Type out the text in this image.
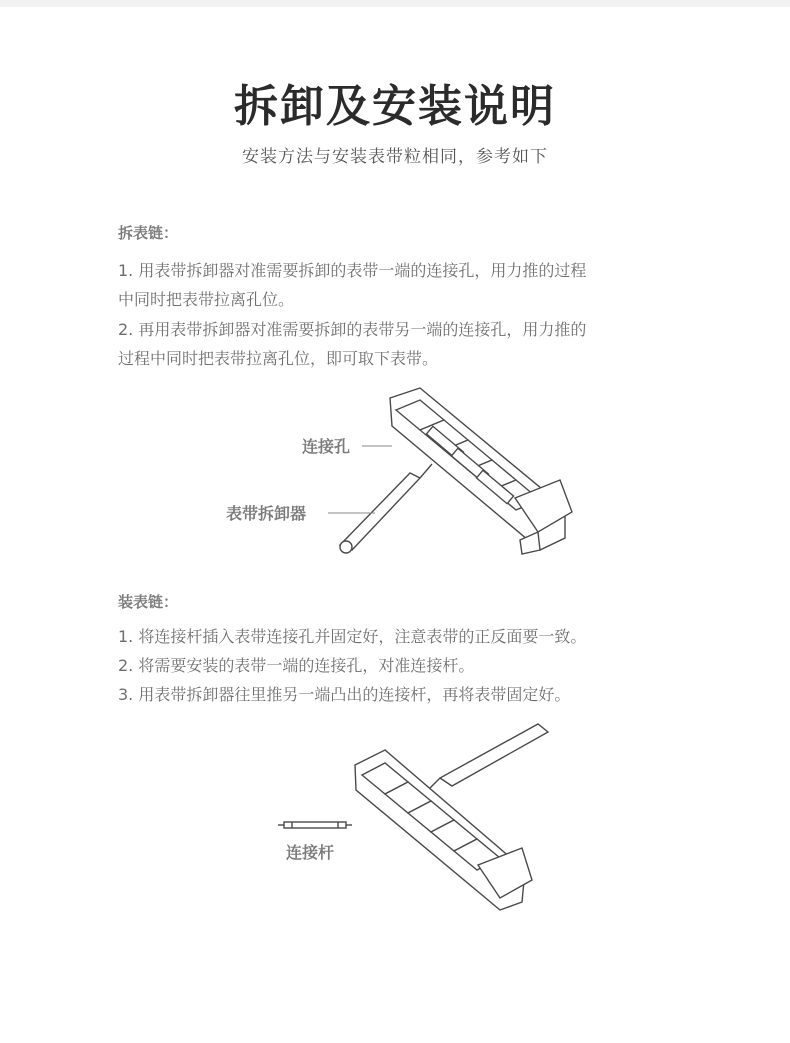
拆卸及安装说明
安装方法与安装表带粒相同，参考如下
拆表链：
1. 用表带拆卸器对准需要拆卸的表带一端的连接孔，用力推的过程
中同时把表带拉离孔位。
2. 再用表带拆卸器对准需要拆卸的表带另一端的连接孔，用力推的
过程中同时把表带拉离孔位，即可取下表带。
连接孔
表带拆卸器
装表链：
1. 将连接杆插入表带连接孔并固定好，注意表带的正反面要一致。
2. 将需要安装的表带一端的连接孔，对准连接杆。
3. 用表带拆卸器往里推另一端凸出的连接杆，再将表带固定好。
连接杆
